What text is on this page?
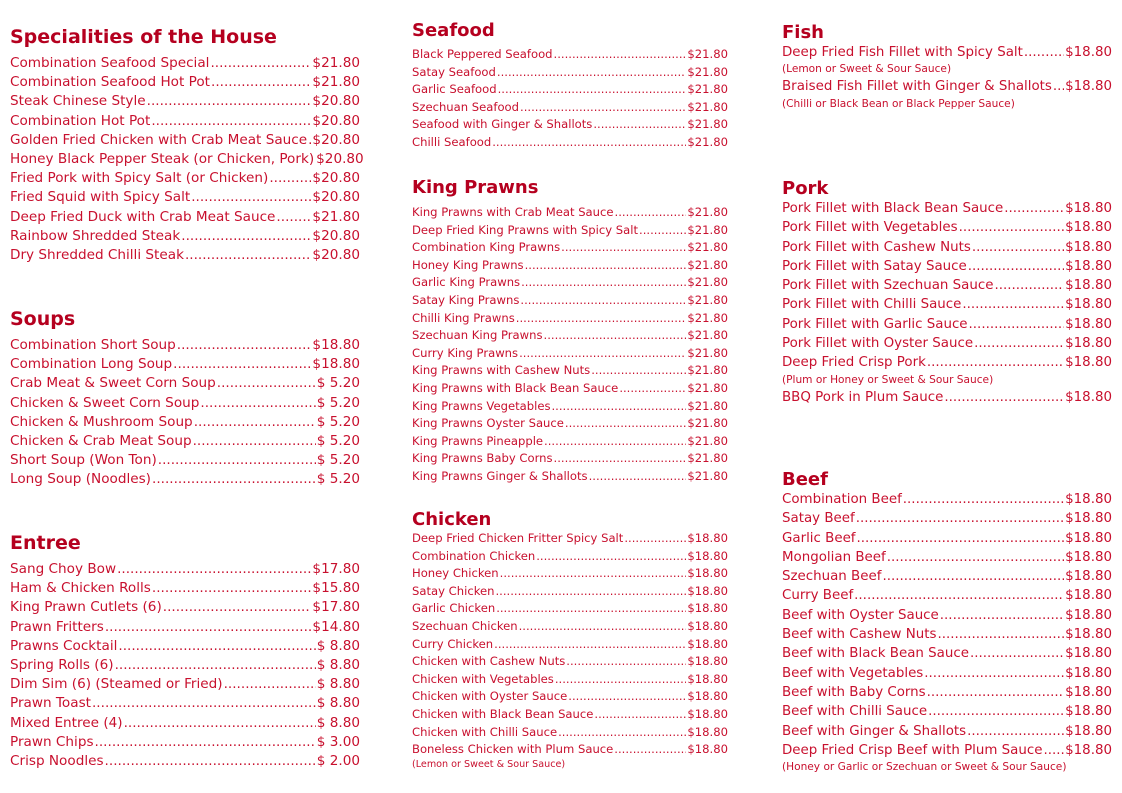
Specialities of the House
Combination Seafood Special .....	$21.80
Combination Seafood Hot Pot .....	$21.80
Steak Chinese Style .....	$20.80
Combination Hot Pot .....	$20.80
Golden Fried Chicken with Crab Meat Sauce ..... $20.80
Honey Black Pepper Steak (or Chicken, Pork) $20.80
Fried Pork with Spicy Salt (or Chicken) .....	$20.80
Fried Squid with Spicy Salt .....	$20.80
Deep Fried Duck with Crab Meat Sauce .....	$21.80
Rainbow Shredded Steak .....	$20.80
Dry Shredded Chilli Steak .....	$20.80
Soups
Combination Short Soup .....	$18.80
Combination Long Soup .....	$18.80
Crab Meat & Sweet Corn Soup .....	$ 5.20
Chicken & Sweet Corn Soup .....	$ 5.20
Chicken & Mushroom Soup .....	$ 5.20
Chicken & Crab Meat Soup .....	$ 5.20
Short Soup (Won Ton) .....	$ 5.20
Long Soup (Noodles) .....	$ 5.20
Entree
Sang Choy Bow .....	$17.80
Ham & Chicken Rolls .....	$15.80
King Prawn Cutlets (6) .....	$17.80
Prawn Fritters .....	$14.80
Prawns Cocktail .....	$ 8.80
Spring Rolls (6) .....	$ 8.80
Dim Sim (6) (Steamed or Fried) .....	$ 8.80
Prawn Toast .....	$ 8.80
Mixed Entree (4) .....	$ 8.80
Prawn Chips .....	$ 3.00
Crisp Noodles .....	$ 2.00
Seafood
Black Peppered Seafood .....	$21.80
Satay Seafood .....	$21.80
Garlic Seafood .....	$21.80
Szechuan Seafood .....	$21.80
Seafood with Ginger & Shallots .....	$21.80
Chilli Seafood .....	$21.80
King Prawns
King Prawns with Crab Meat Sauce .....	$21.80
Deep Fried King Prawns with Spicy Salt .....	$21.80
Combination King Prawns .....	$21.80
Honey King Prawns .....	$21.80
Garlic King Prawns .....	$21.80
Satay King Prawns .....	$21.80
Chilli King Prawns .....	$21.80
Szechuan King Prawns .....	$21.80
Curry King Prawns .....	$21.80
King Prawns with Cashew Nuts .....	$21.80
King Prawns with Black Bean Sauce .....	$21.80
King Prawns Vegetables .....	$21.80
King Prawns Oyster Sauce .....	$21.80
King Prawns Pineapple .....	$21.80
King Prawns Baby Corns .....	$21.80
King Prawns Ginger & Shallots .....	$21.80
Chicken
Deep Fried Chicken Fritter Spicy Salt .....	$18.80
Combination Chicken .....	$18.80
Honey Chicken .....	$18.80
Satay Chicken .....	$18.80
Garlic Chicken .....	$18.80
Szechuan Chicken .....	$18.80
Curry Chicken .....	$18.80
Chicken with Cashew Nuts .....	$18.80
Chicken with Vegetables .....	$18.80
Chicken with Oyster Sauce .....	$18.80
Chicken with Black Bean Sauce .....	$18.80
Chicken with Chilli Sauce .....	$18.80
Boneless Chicken with Plum Sauce .....	$18.80
(Lemon or Sweet & Sour Sauce)
Fish
Deep Fried Fish Fillet with Spicy Salt .....	$18.80
(Lemon or Sweet & Sour Sauce)
Braised Fish Fillet with Ginger & Shallots ..... $18.80
(Chilli or Black Bean or Black Pepper Sauce)
Pork
Pork Fillet with Black Bean Sauce .....	$18.80
Pork Fillet with Vegetables .....	$18.80
Pork Fillet with Cashew Nuts .....	$18.80
Pork Fillet with Satay Sauce .....	$18.80
Pork Fillet with Szechuan Sauce .....	$18.80
Pork Fillet with Chilli Sauce .....	$18.80
Pork Fillet with Garlic Sauce .....	$18.80
Pork Fillet with Oyster Sauce .....	$18.80
Deep Fried Crisp Pork .....	$18.80
(Plum or Honey or Sweet & Sour Sauce)
BBQ Pork in Plum Sauce .....	$18.80
Beef
Combination Beef .....	$18.80
Satay Beef .....	$18.80
Garlic Beef .....	$18.80
Mongolian Beef .....	$18.80
Szechuan Beef .....	$18.80
Curry Beef .....	$18.80
Beef with Oyster Sauce .....	$18.80
Beef with Cashew Nuts .....	$18.80
Beef with Black Bean Sauce .....	$18.80
Beef with Vegetables .....	$18.80
Beef with Baby Corns .....	$18.80
Beef with Chilli Sauce .....	$18.80
Beef with Ginger & Shallots .....	$18.80
Deep Fried Crisp Beef with Plum Sauce ..... $18.80
(Honey or Garlic or Szechuan or Sweet & Sour Sauce)
